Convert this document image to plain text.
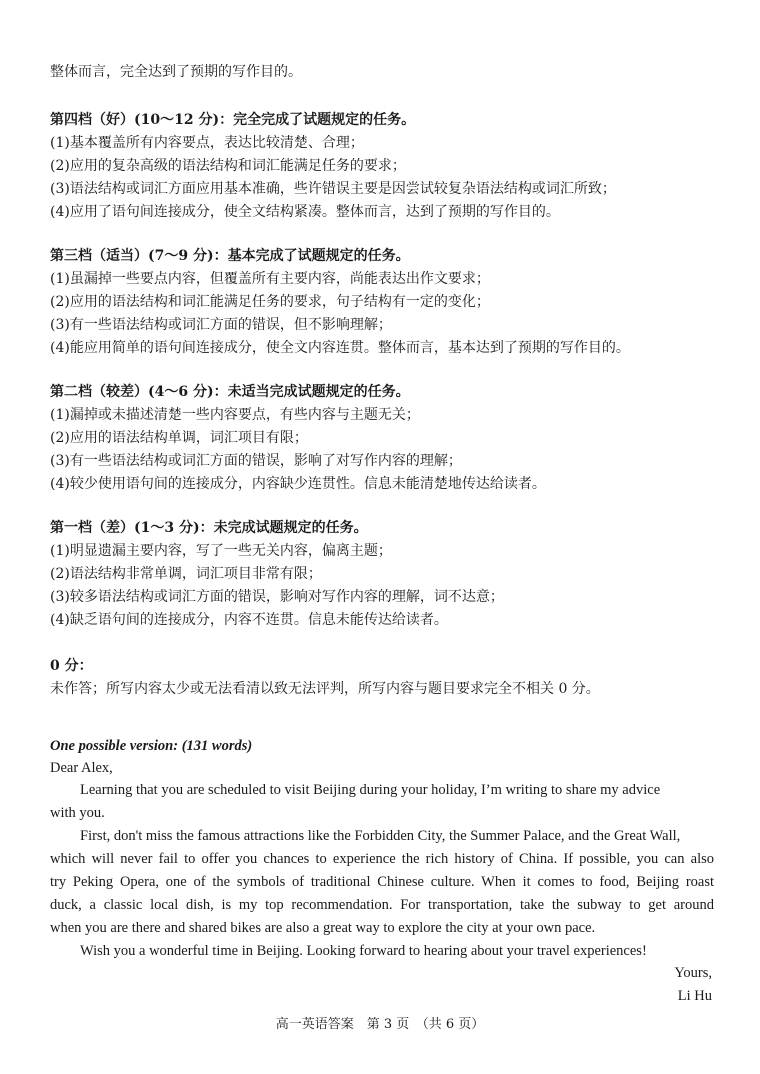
整体而言，完全达到了预期的写作目的。
第四档（好）(10～12 分)：完全完成了试题规定的任务。
(1)基本覆盖所有内容要点，表达比较清楚、合理；
(2)应用的复杂高级的语法结构和词汇能满足任务的要求；
(3)语法结构或词汇方面应用基本准确，些许错误主要是因尝试较复杂语法结构或词汇所致；
(4)应用了语句间连接成分，使全文结构紧凑。整体而言，达到了预期的写作目的。
第三档（适当）(7～9 分)：基本完成了试题规定的任务。
(1)虽漏掉一些要点内容，但覆盖所有主要内容，尚能表达出作文要求；
(2)应用的语法结构和词汇能满足任务的要求，句子结构有一定的变化；
(3)有一些语法结构或词汇方面的错误，但不影响理解；
(4)能应用简单的语句间连接成分，使全文内容连贯。整体而言，基本达到了预期的写作目的。
第二档（较差）(4～6 分)：未适当完成试题规定的任务。
(1)漏掉或未描述清楚一些内容要点，有些内容与主题无关；
(2)应用的语法结构单调，词汇项目有限；
(3)有一些语法结构或词汇方面的错误，影响了对写作内容的理解；
(4)较少使用语句间的连接成分，内容缺少连贯性。信息未能清楚地传达给读者。
第一档（差）(1～3 分)：未完成试题规定的任务。
(1)明显遗漏主要内容，写了一些无关内容，偏离主题；
(2)语法结构非常单调，词汇项目非常有限；
(3)较多语法结构或词汇方面的错误，影响对写作内容的理解，词不达意；
(4)缺乏语句间的连接成分，内容不连贯。信息未能传达给读者。
0 分：
未作答；所写内容太少或无法看清以致无法评判，所写内容与题目要求完全不相关 0 分。
One possible version: (131 words)
Dear Alex,
Learning that you are scheduled to visit Beijing during your holiday, I’m writing to share my advice
with you.
First, don't miss the famous attractions like the Forbidden City, the Summer Palace, and the Great Wall,
which will never fail to offer you chances to experience the rich history of China. If possible, you can also
try Peking Opera, one of the symbols of traditional Chinese culture. When it comes to food, Beijing roast
duck, a classic local dish, is my top recommendation. For transportation, take the subway to get around
when you are there and shared bikes are also a great way to explore the city at your own pace.
Wish you a wonderful time in Beijing. Looking forward to hearing about your travel experiences!
Yours,
Li Hu
高一英语答案　第 3 页　（共 6 页）
